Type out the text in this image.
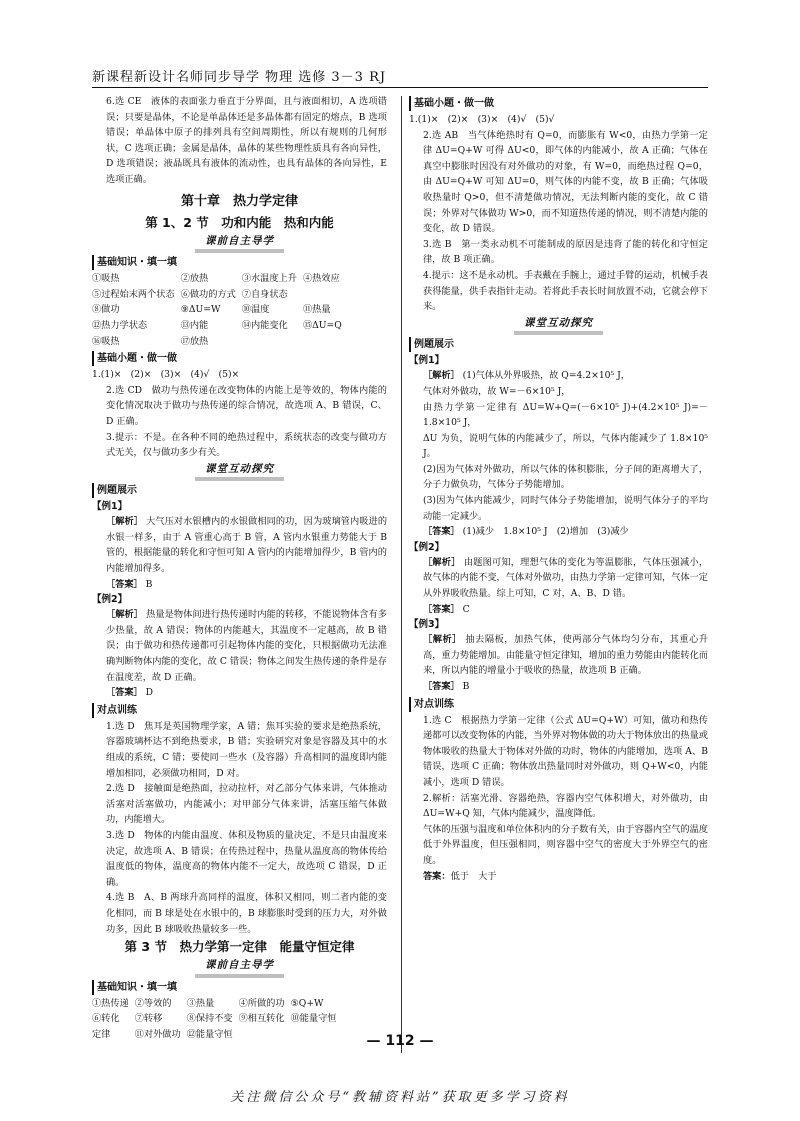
新课程新设计名师同步导学 物理 选修 3－3 RJ

6.选 CE　液体的表面张力垂直于分界面，且与液面相切，A 选项错误；只要是晶体，不论是单晶体还是多晶体都有固定的熔点，B 选项错误；单晶体中原子的排列具有空间周期性，所以有规则的几何形状，C 选项正确；金属是晶体，晶体的某些物理性质具有各向异性，D 选项错误；液晶既具有液体的流动性，也具有晶体的各向异性，E 选项正确。

第十章　热力学定律
第 1、2 节　功和内能　热和内能
课前自主导学
基础知识・填一填
①吸热	②放热	③水温度上升 ④热效应
⑤过程始末两个状态 ⑥做功的方式 ⑦自身状态
⑧做功	⑨ΔU=W	⑩温度	⑪热量
⑫热力学状态	⑬内能	⑭内能变化	⑮ΔU=Q
⑯吸热	⑰放热
基础小题・做一做

1.(1)×　(2)×　(3)×　(4)√　(5)×

2.选 CD　做功与热传递在改变物体的内能上是等效的，物体内能的变化情况取决于做功与热传递的综合情况，故选项 A、B 错误，C、D 正确。

3.提示：不是。在各种不同的绝热过程中，系统状态的改变与做功方式无关，仅与做功多少有关。

课堂互动探究
例题展示
【例1】

［解析］ 大气压对水银槽内的水银做相同的功，因为玻璃管内吸进的水银一样多，由于 A 管重心高于 B 管，A 管内水银重力势能大于 B 管的，根据能量的转化和守恒可知 A 管内的内能增加得少，B 管内的内能增加得多。

［答案］ B

【例2】

［解析］ 热量是物体间进行热传递时内能的转移，不能说物体含有多少热量，故 A 错误；物体的内能越大，其温度不一定越高，故 B 错误；由于做功和热传递都可引起物体内能的变化，只根据做功无法准确判断物体内能的变化，故 C 错误；物体之间发生热传递的条件是存在温度差，故 D 正确。

［答案］ D

对点训练

1.选 D　焦耳是英国物理学家，A 错；焦耳实验的要求是绝热系统，容器玻璃杯达不到绝热要求，B 错；实验研究对象是容器及其中的水组成的系统，C 错；要使同一些水（及容器）升高相同的温度即内能增加相同，必须做功相同，D 对。

2.选 D　接触面是绝热面，拉动拉杆，对乙部分气体来讲，气体推动活塞对活塞做功，内能减小；对甲部分气体来讲，活塞压缩气体做功，内能增大。

3.选 D　物体的内能由温度、体积及物质的量决定，不是只由温度来决定，故选项 A、B 错误；在传热过程中，热量从温度高的物体传给温度低的物体，温度高的物体内能不一定大，故选项 C 错误，D 正确。

4.选 B　A、B 两球升高同样的温度，体积又相同，则二者内能的变化相同，而 B 球是处在水银中的，B 球膨胀时受到的压力大，对外做功多，因此 B 球吸收热量较多一些。

第 3 节　热力学第一定律　能量守恒定律
课前自主导学
基础知识・填一填
①热传递 ②等效的	③热量	④所做的功 ⑤Q+W
⑥转化	⑦转移	⑧保持不变 ⑨相互转化 ⑩能量守恒
定律	⑪对外做功 ⑫能量守恒
基础小题・做一做

1.(1)×　(2)×　(3)×　(4)√　(5)√

2.选 AB　当气体绝热时有 Q=0，而膨胀有 W<0，由热力学第一定律 ΔU=Q+W 可得 ΔU<0，即气体的内能减小，故 A 正确；气体在真空中膨胀时因没有对外做功的对象，有 W=0，而绝热过程 Q=0，由 ΔU=Q+W 可知 ΔU=0，则气体的内能不变，故 B 正确；气体吸收热量时 Q>0，但不清楚做功情况，无法判断内能的变化，故 C 错误；外界对气体做功 W>0，而不知道热传递的情况，则不清楚内能的变化，故 D 错误。

3.选 B　第一类永动机不可能制成的原因是违背了能的转化和守恒定律，故 B 项正确。

4.提示：这不是永动机。手表戴在手腕上，通过手臂的运动，机械手表获得能量，供手表指针走动。若将此手表长时间放置不动，它就会停下来。

课堂互动探究
例题展示
【例1】

［解析］ (1)气体从外界吸热，故 Q=4.2×10⁵ J，

气体对外做功，故 W=－6×10⁵ J，

由热力学第一定律有 ΔU=W+Q=(－6×10⁵ J)+(4.2×10⁵ J)=－1.8×10⁵ J，

ΔU 为负，说明气体的内能减少了，所以，气体内能减少了 1.8×10⁵ J。

(2)因为气体对外做功，所以气体的体积膨胀，分子间的距离增大了，分子力做负功，气体分子势能增加。

(3)因为气体内能减少，同时气体分子势能增加，说明气体分子的平均动能一定减少。

［答案］ (1)减少　1.8×10⁵ J　(2)增加　(3)减少

【例2】

［解析］ 由题图可知，理想气体的变化为等温膨胀，气体压强减小，故气体的内能不变，气体对外做功，由热力学第一定律可知，气体一定从外界吸收热量。综上可知，C 对，A、B、D 错。

［答案］ C

【例3】

［解析］ 抽去隔板，加热气体，使两部分气体均匀分布，其重心升高，重力势能增加。由能量守恒定律知，增加的重力势能由内能转化而来，所以内能的增量小于吸收的热量，故选项 B 正确。

［答案］ B

对点训练

1.选 C　根据热力学第一定律（公式 ΔU=Q+W）可知，做功和热传递都可以改变物体的内能，当外界对物体做的功大于物体放出的热量或物体吸收的热量大于物体对外做的功时，物体的内能增加，选项 A、B 错误，选项 C 正确；物体放出热量同时对外做功，则 Q+W<0，内能减小，选项 D 错误。

2.解析：活塞光滑、容器绝热，容器内空气体积增大，对外做功，由 ΔU=W+Q 知，气体内能减少，温度降低。

气体的压强与温度和单位体积内的分子数有关，由于容器内空气的温度低于外界温度，但压强相同，则容器中空气的密度大于外界空气的密度。

答案：低于　大于

— 112 —
关注微信公众号“教辅资料站”获取更多学习资料
